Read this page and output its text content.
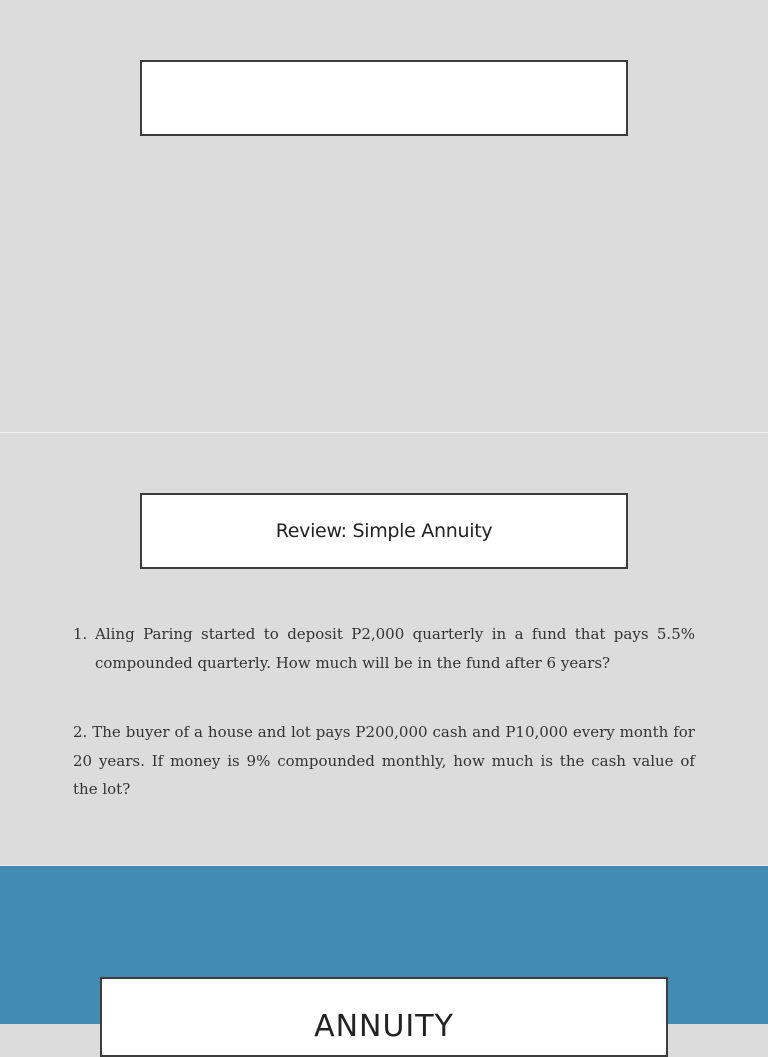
Review: Simple Annuity

1. Aling Paring started to deposit P2,000 quarterly in a fund that pays 5.5% compounded quarterly. How much will be in the fund after 6 years?

2. The buyer of a house and lot pays P200,000 cash and P10,000 every month for 20 years. If money is 9% compounded monthly, how much is the cash value of the lot?

ANNUITY
